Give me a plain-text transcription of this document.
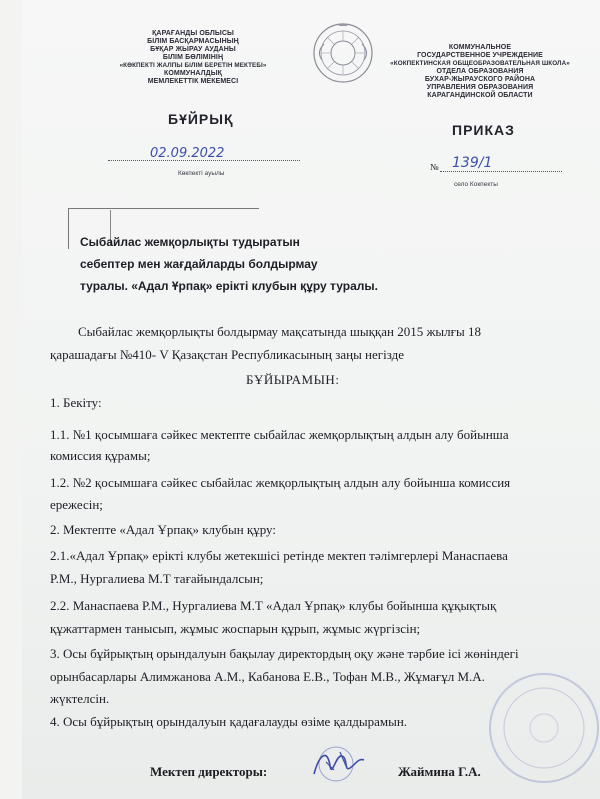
ҚАРАҒАНДЫ ОБЛЫСЫ
БІЛІМ БАСҚАРМАСЫНЫҢ
БҰҚАР ЖЫРАУ АУДАНЫ
БІЛІМ БӨЛІМІНІҢ
«КӨКПЕКТІ ЖАЛПЫ БІЛІМ БЕРЕТІН МЕКТЕБІ»
КОММУНАЛДЫҚ
МЕМЛЕКЕТТІК МЕКЕМЕСІ
КОММУНАЛЬНОЕ
ГОСУДАРСТВЕННОЕ УЧРЕЖДЕНИЕ
«КОКПЕКТИНСКАЯ ОБЩЕОБРАЗОВАТЕЛЬНАЯ ШКОЛА»
ОТДЕЛА ОБРАЗОВАНИЯ
БУХАР-ЖЫРАУСКОГО РАЙОНА
УПРАВЛЕНИЯ ОБРАЗОВАНИЯ
КАРАГАНДИНСКОЙ ОБЛАСТИ
БҰЙРЫҚ
ПРИКАЗ
02.09.2022
Көкпекті ауылы
№ 139/1
село Кокпекты
Сыбайлас жемқорлықты тудыратын
себептер мен жағдайларды болдырмау
туралы. «Адал Ұрпақ» ерікті клубын құру туралы.
Сыбайлас жемқорлықты болдырмау мақсатында шыққан 2015 жылғы 18
қарашадағы №410- V Қазақстан Республикасының заңы негізде
БҰЙЫРАМЫН:
1. Бекіту:
1.1. №1 қосымшаға сәйкес мектепте сыбайлас жемқорлықтың алдын алу бойынша
комиссия құрамы;
1.2. №2 қосымшаға сәйкес сыбайлас жемқорлықтың алдын алу бойынша комиссия
ережесін;
2. Мектепте «Адал Ұрпақ» клубын құру:
2.1.«Адал Ұрпақ» ерікті клубы жетекшісі ретінде мектеп тәлімгерлері Манаспаева
Р.М., Нургалиева М.Т тағайындалсын;
2.2. Манаспаева Р.М., Нургалиева М.Т «Адал Ұрпақ» клубы бойынша құқықтық
құжаттармен танысып, жұмыс жоспарын құрып, жұмыс жүргізсін;
3. Осы бұйрықтың орындалуын бақылау директордың оқу және тәрбие ісі жөніндегі
орынбасарлары Алимжанова А.М., Кабанова Е.В., Тофан М.В., Жұмағұл М.А.
жүктелсін.
4. Осы бұйрықтың орындалуын қадағалауды өзіме қалдырамын.
Мектеп директоры:	Жаймина Г.А.
